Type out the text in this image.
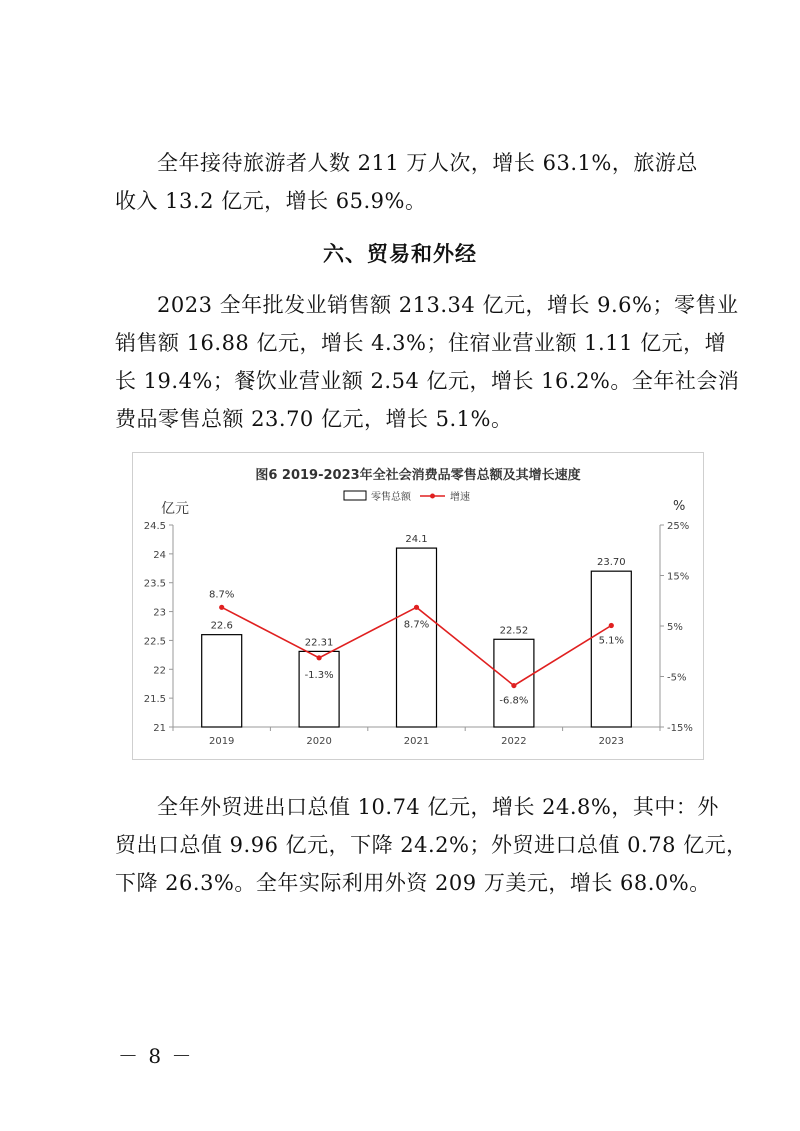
全年接待旅游者人数 211 万人次，增长 63.1%，旅游总
收入 13.2 亿元，增长 65.9%。
六、贸易和外经
2023 全年批发业销售额 213.34 亿元，增长 9.6%；零售业
销售额 16.88 亿元，增长 4.3%；住宿业营业额 1.11 亿元，增
长 19.4%；餐饮业营业额 2.54 亿元，增长 16.2%。全年社会消
费品零售总额 23.70 亿元，增长 5.1%。
图6 2019-2023年全社会消费品零售总额及其增长速度
零售总额	增速
亿元	%
21
21.5
22
22.5
23
23.5
24
24.5
-15%
-5%
5%
15%
25%
2019
22.6
2020
22.31
2021
24.1
2022
22.52
2023
23.70
8.7%
-1.3%
8.7%
-6.8%
5.1%
全年外贸进出口总值 10.74 亿元，增长 24.8%，其中：外
贸出口总值 9.96 亿元，下降 24.2%；外贸进口总值 0.78 亿元，
下降 26.3%。全年实际利用外资 209 万美元，增长 68.0%。
－ 8 －
